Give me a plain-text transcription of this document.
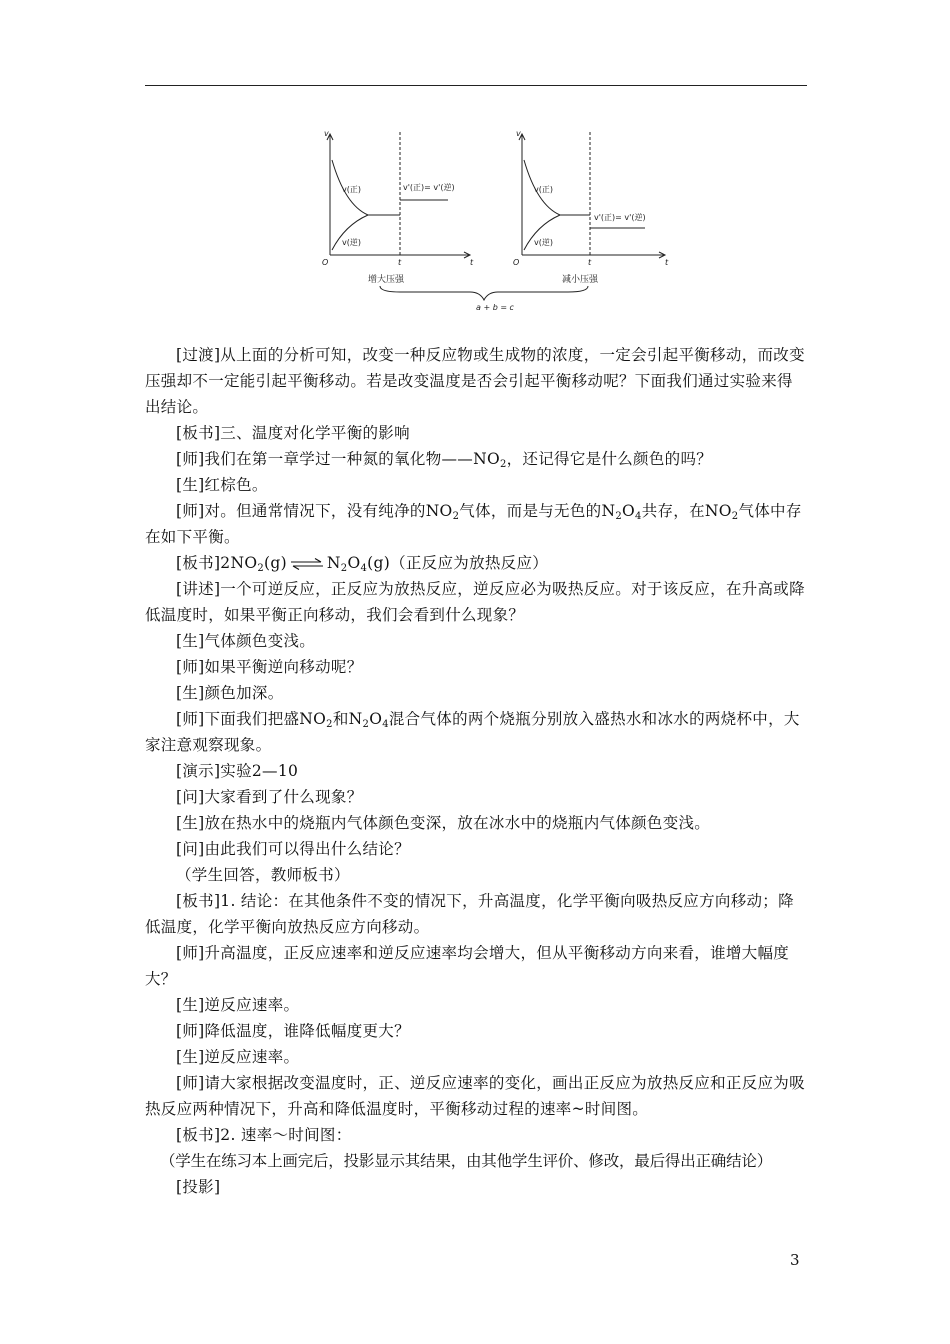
v
O	t	t
v(正)
v(逆)
v'(正)= v'(逆)
增大压强
v
O	t	t
v(正)
v(逆)
v'(正)= v'(逆)
减小压强
a + b = c
[过渡]从上面的分析可知，改变一种反应物或生成物的浓度，一定会引起平衡移动，而改变压强却不一定能引起平衡移动。若是改变温度是否会引起平衡移动呢？下面我们通过实验来得出结论。
[板书]三、温度对化学平衡的影响
[师]我们在第一章学过一种氮的氧化物$——NO_2$，还记得它是什么颜色的吗？
[生]红棕色。
[师]对。但通常情况下，没有纯净的$NO_2$气体，而是与无色的$N_2O_4$共存，在$NO_2$气体中存在如下平衡。
[板书]$2NO_2(g)$ ⇌ $N_2O_4(g)$（正反应为放热反应）
[讲述]一个可逆反应，正反应为放热反应，逆反应必为吸热反应。对于该反应，在升高或降低温度时，如果平衡正向移动，我们会看到什么现象？
[生]气体颜色变浅。
[师]如果平衡逆向移动呢？
[生]颜色加深。
[师]下面我们把盛$NO_2$和$N_2O_4$混合气体的两个烧瓶分别放入盛热水和冰水的两烧杯中，大家注意观察现象。
[演示]实验2—10
[问]大家看到了什么现象？
[生]放在热水中的烧瓶内气体颜色变深，放在冰水中的烧瓶内气体颜色变浅。
[问]由此我们可以得出什么结论？
（学生回答，教师板书）
[板书]1. 结论：在其他条件不变的情况下，升高温度，化学平衡向吸热反应方向移动；降低温度，化学平衡向放热反应方向移动。
[师]升高温度，正反应速率和逆反应速率均会增大，但从平衡移动方向来看，谁增大幅度大？
[生]逆反应速率。
[师]降低温度，谁降低幅度更大？
[生]逆反应速率。
[师]请大家根据改变温度时，正、逆反应速率的变化，画出正反应为放热反应和正反应为吸热反应两种情况下，升高和降低温度时，平衡移动过程的速率~时间图。
[板书]2. 速率～时间图：
（学生在练习本上画完后，投影显示其结果，由其他学生评价、修改，最后得出正确结论）
[投影]
3
